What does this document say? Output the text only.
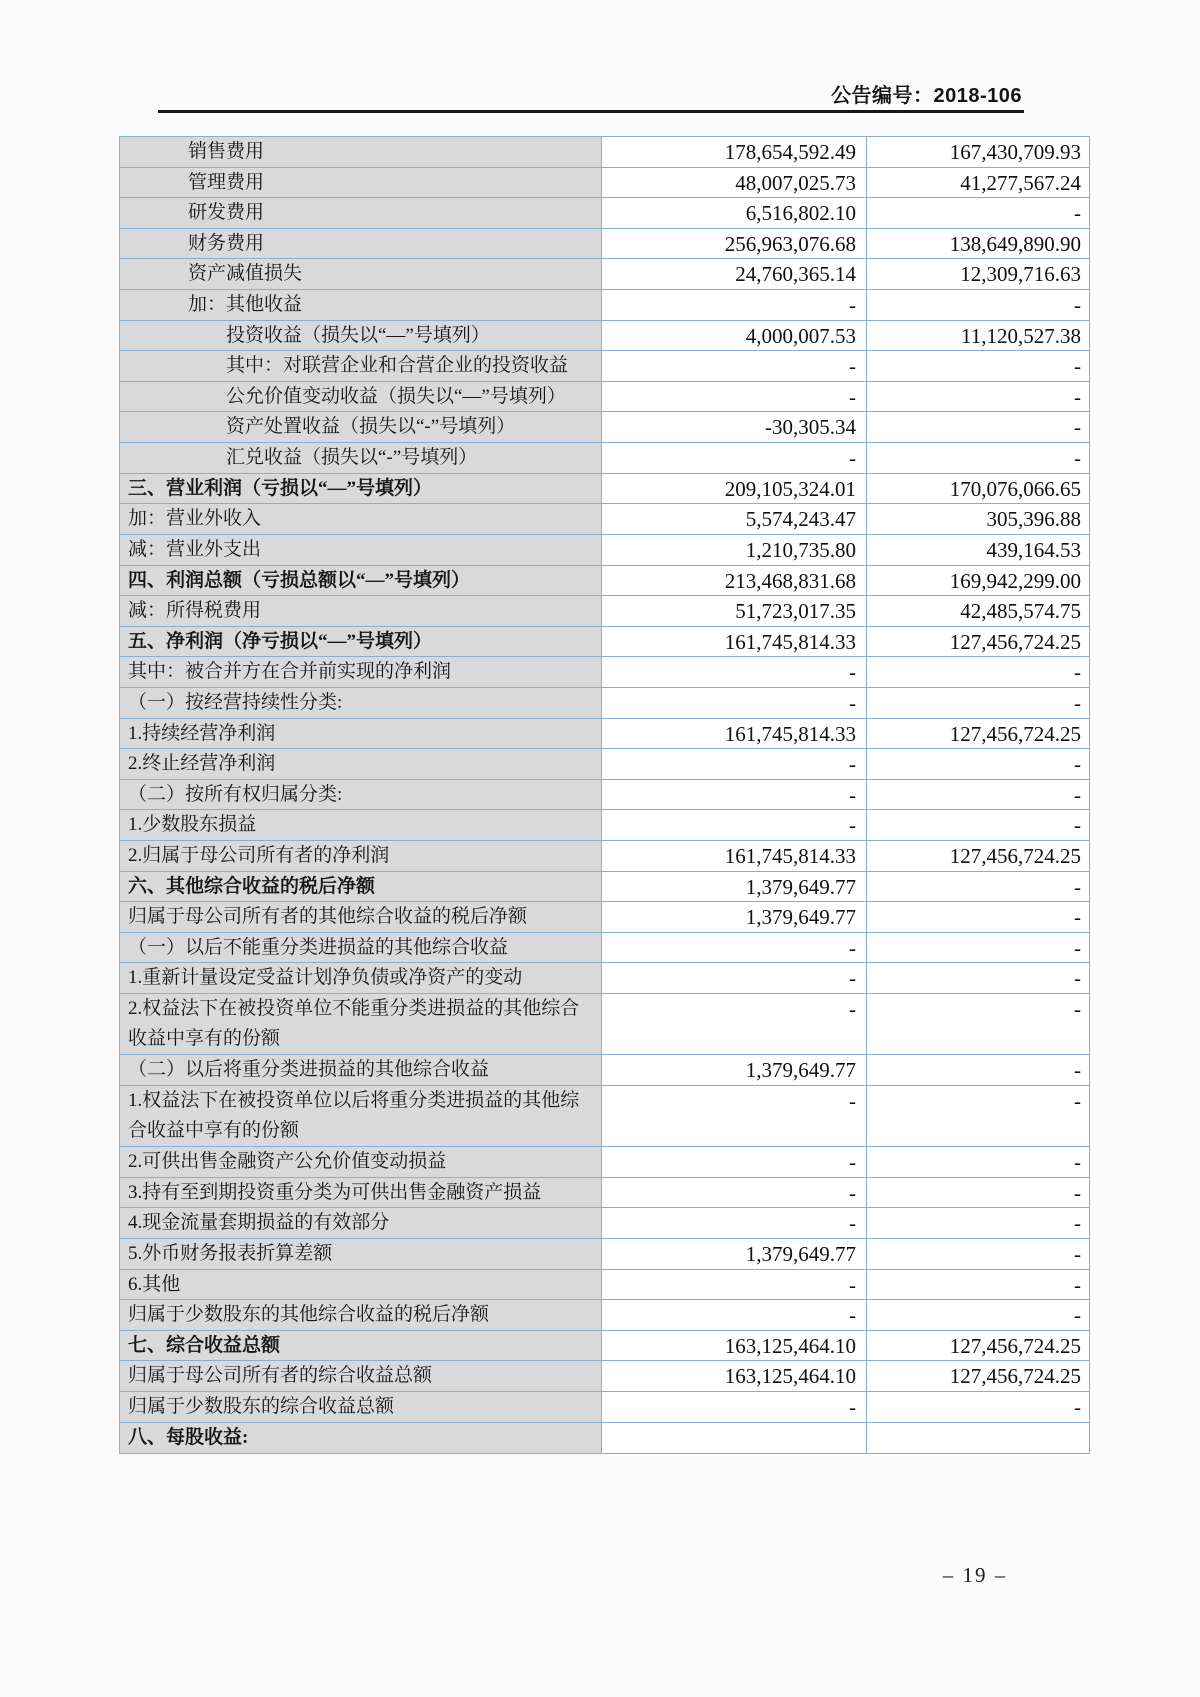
公告编号：2018-106
销售费用	178,654,592.49	167,430,709.93
管理费用	48,007,025.73	41,277,567.24
研发费用	6,516,802.10	-
财务费用	256,963,076.68	138,649,890.90
资产减值损失	24,760,365.14	12,309,716.63
加：其他收益	-	-
投资收益（损失以“—”号填列）	4,000,007.53	11,120,527.38
其中：对联营企业和合营企业的投资收益	-	-
公允价值变动收益（损失以“—”号填列）	-	-
资产处置收益（损失以“-”号填列）	-30,305.34	-
汇兑收益（损失以“-”号填列）	-	-
三、营业利润（亏损以“—”号填列）	209,105,324.01	170,076,066.65
加：营业外收入	5,574,243.47	305,396.88
减：营业外支出	1,210,735.80	439,164.53
四、利润总额（亏损总额以“—”号填列）	213,468,831.68	169,942,299.00
减：所得税费用	51,723,017.35	42,485,574.75
五、净利润（净亏损以“—”号填列）	161,745,814.33	127,456,724.25
其中：被合并方在合并前实现的净利润	-	-
（一）按经营持续性分类:	-	-
1.持续经营净利润	161,745,814.33	127,456,724.25
2.终止经营净利润	-	-
（二）按所有权归属分类:	-	-
1.少数股东损益	-	-
2.归属于母公司所有者的净利润	161,745,814.33	127,456,724.25
六、其他综合收益的税后净额	1,379,649.77	-
归属于母公司所有者的其他综合收益的税后净额	1,379,649.77	-
（一）以后不能重分类进损益的其他综合收益	-	-
1.重新计量设定受益计划净负债或净资产的变动	-	-
2.权益法下在被投资单位不能重分类进损益的其他综合收益中享有的份额
-	-
（二）以后将重分类进损益的其他综合收益	1,379,649.77	-
1.权益法下在被投资单位以后将重分类进损益的其他综合收益中享有的份额
-	-
2.可供出售金融资产公允价值变动损益	-	-
3.持有至到期投资重分类为可供出售金融资产损益	-	-
4.现金流量套期损益的有效部分	-	-
5.外币财务报表折算差额	1,379,649.77	-
6.其他	-	-
归属于少数股东的其他综合收益的税后净额	-	-
七、综合收益总额	163,125,464.10	127,456,724.25
归属于母公司所有者的综合收益总额	163,125,464.10	127,456,724.25
归属于少数股东的综合收益总额	-	-
八、每股收益:
– 19 –
